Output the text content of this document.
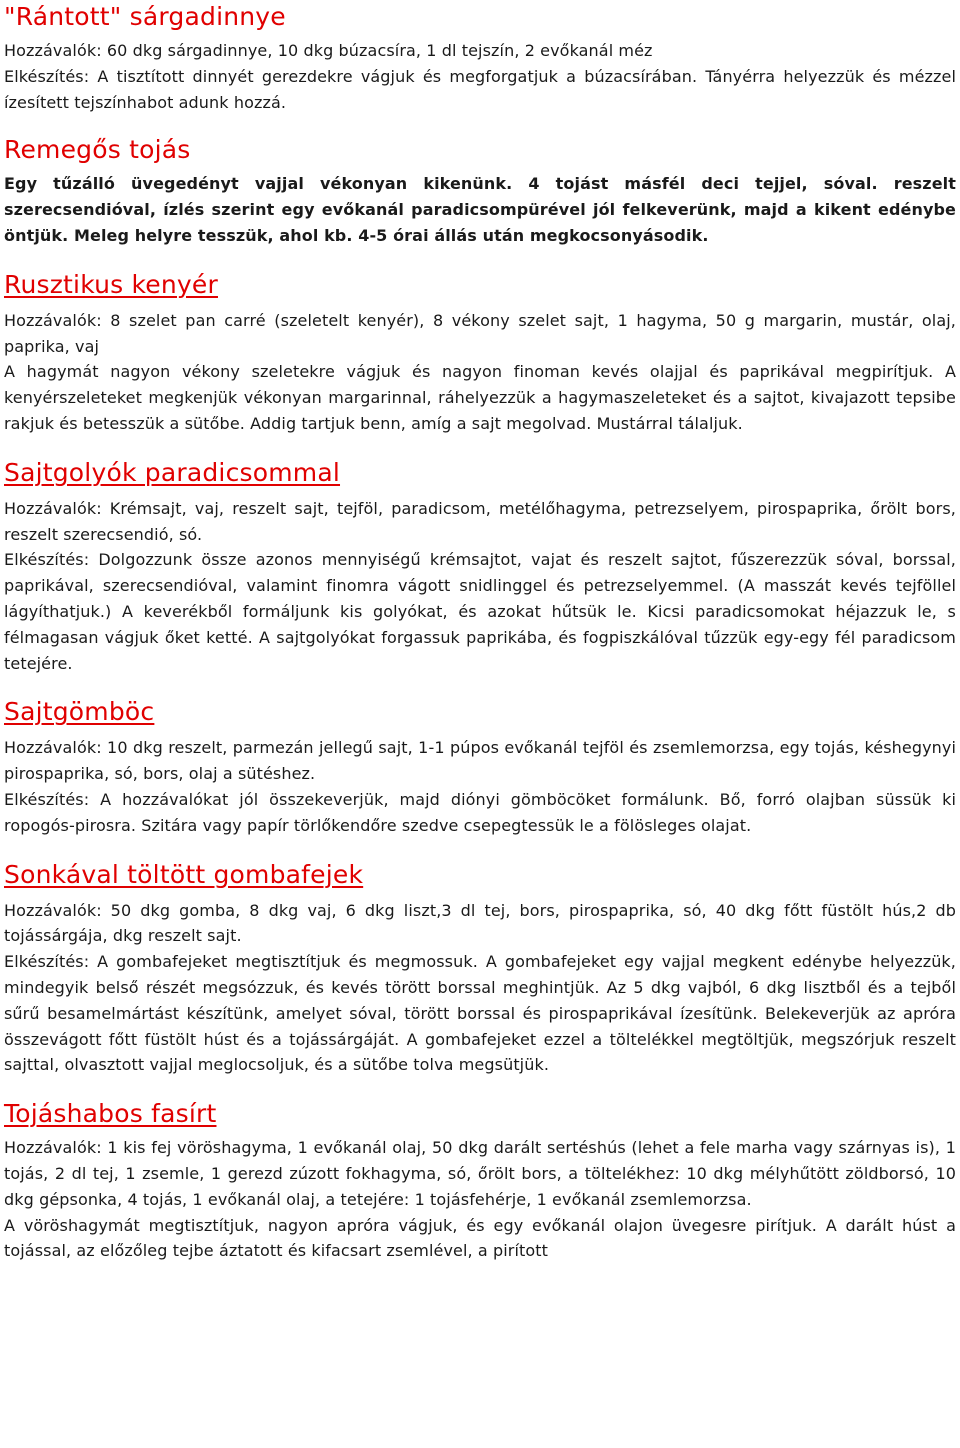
"Rántott" sárgadinnye

Hozzávalók: 60 dkg sárgadinnye, 10 dkg búzacsíra, 1 dl tejszín, 2 evőkanál méz

Elkészítés: A tisztított dinnyét gerezdekre vágjuk és megforgatjuk a búzacsírában. Tányérra helyezzük és mézzel ízesített tejszínhabot adunk hozzá.

Remegős tojás

Egy tűzálló üvegedényt vajjal vékonyan kikenünk. 4 tojást másfél deci tejjel, sóval. reszelt szerecsendióval, ízlés szerint egy evőkanál paradicsompürével jól felkeverünk, majd a kikent edénybe öntjük. Meleg helyre tesszük, ahol kb. 4-5 órai állás után megkocsonyásodik.

Rusztikus kenyér

Hozzávalók: 8 szelet pan carré (szeletelt kenyér), 8 vékony szelet sajt, 1 hagyma, 50 g margarin, mustár, olaj, paprika, vaj

A hagymát nagyon vékony szeletekre vágjuk és nagyon finoman kevés olajjal és paprikával megpirítjuk. A kenyérszeleteket megkenjük vékonyan margarinnal, ráhelyezzük a hagymaszeleteket és a sajtot, kivajazott tepsibe rakjuk és betesszük a sütőbe. Addig tartjuk benn, amíg a sajt megolvad. Mustárral tálaljuk.

Sajtgolyók paradicsommal

Hozzávalók: Krémsajt, vaj, reszelt sajt, tejföl, paradicsom, metélőhagyma, petrezselyem, pirospaprika, őrölt bors, reszelt szerecsendió, só.

Elkészítés: Dolgozzunk össze azonos mennyiségű krémsajtot, vajat és reszelt sajtot, fűszerezzük sóval, borssal, paprikával, szerecsendióval, valamint finomra vágott snidlinggel és petrezselyemmel. (A masszát kevés tejföllel lágyíthatjuk.) A keverékből formáljunk kis golyókat, és azokat hűtsük le. Kicsi paradicsomokat héjazzuk le, s félmagasan vágjuk őket ketté. A sajtgolyókat forgassuk paprikába, és fogpiszkálóval tűzzük egy-egy fél paradicsom tetejére.

Sajtgömböc

Hozzávalók: 10 dkg reszelt, parmezán jellegű sajt, 1-1 púpos evőkanál tejföl és zsemlemorzsa, egy tojás, késhegynyi pirospaprika, só, bors, olaj a sütéshez.

Elkészítés: A hozzávalókat jól összekeverjük, majd diónyi gömböcöket formálunk. Bő, forró olajban süssük ki ropogós-pirosra. Szitára vagy papír törlőkendőre szedve csepegtessük le a fölösleges olajat.

Sonkával töltött gombafejek

Hozzávalók: 50 dkg gomba, 8 dkg vaj, 6 dkg liszt,3 dl tej, bors, pirospaprika, só, 40 dkg főtt füstölt hús,2 db tojássárgája, dkg reszelt sajt.

Elkészítés: A gombafejeket megtisztítjuk és megmossuk. A gombafejeket egy vajjal megkent edénybe helyezzük, mindegyik belső részét megsózzuk, és kevés törött borssal meghintjük. Az 5 dkg vajból, 6 dkg lisztből és a tejből sűrű besamelmártást készítünk, amelyet sóval, törött borssal és pirospaprikával ízesítünk. Belekeverjük az apróra összevágott főtt füstölt húst és a tojássárgáját. A gombafejeket ezzel a töltelékkel megtöltjük, megszórjuk reszelt sajttal, olvasztott vajjal meglocsoljuk, és a sütőbe tolva megsütjük.

Tojáshabos fasírt

Hozzávalók: 1 kis fej vöröshagyma, 1 evőkanál olaj, 50 dkg darált sertéshús (lehet a fele marha vagy szárnyas is), 1 tojás, 2 dl tej, 1 zsemle, 1 gerezd zúzott fokhagyma, só, őrölt bors, a töltelékhez: 10 dkg mélyhűtött zöldborsó, 10 dkg gépsonka, 4 tojás, 1 evőkanál olaj, a tetejére: 1 tojásfehérje, 1 evőkanál zsemlemorzsa.

A vöröshagymát megtisztítjuk, nagyon apróra vágjuk, és egy evőkanál olajon üvegesre pirítjuk. A darált húst a tojással, az előzőleg tejbe áztatott és kifacsart zsemlével, a pirított
